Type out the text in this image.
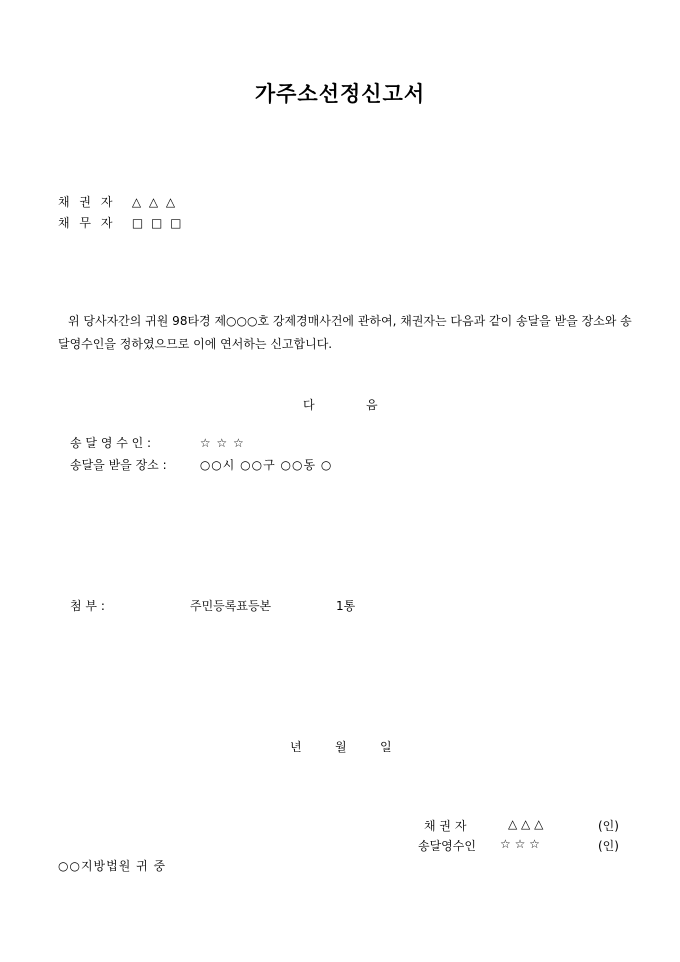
가주소선정신고서
채 권 자 △ △ △
채 무 자 □ □ □
위 당사자간의 귀원 98타경 제○○○호 강제경매사건에 관하여, 채권자는 다음과 같이 송달을 받을 장소와 송달영수인을 정하였으므로 이에 연서하는 신고합니다.
다	음
송 달 영 수 인 :	☆ ☆ ☆
송달을 받을 장소 :	○○시 ○○구 ○○동 ○
첨 부 :	주민등록표등본	1통
년	월	일
채 권 자	△ △ △	(인)
송달영수인 ☆ ☆ ☆	(인)
○○지방법원 귀 중
